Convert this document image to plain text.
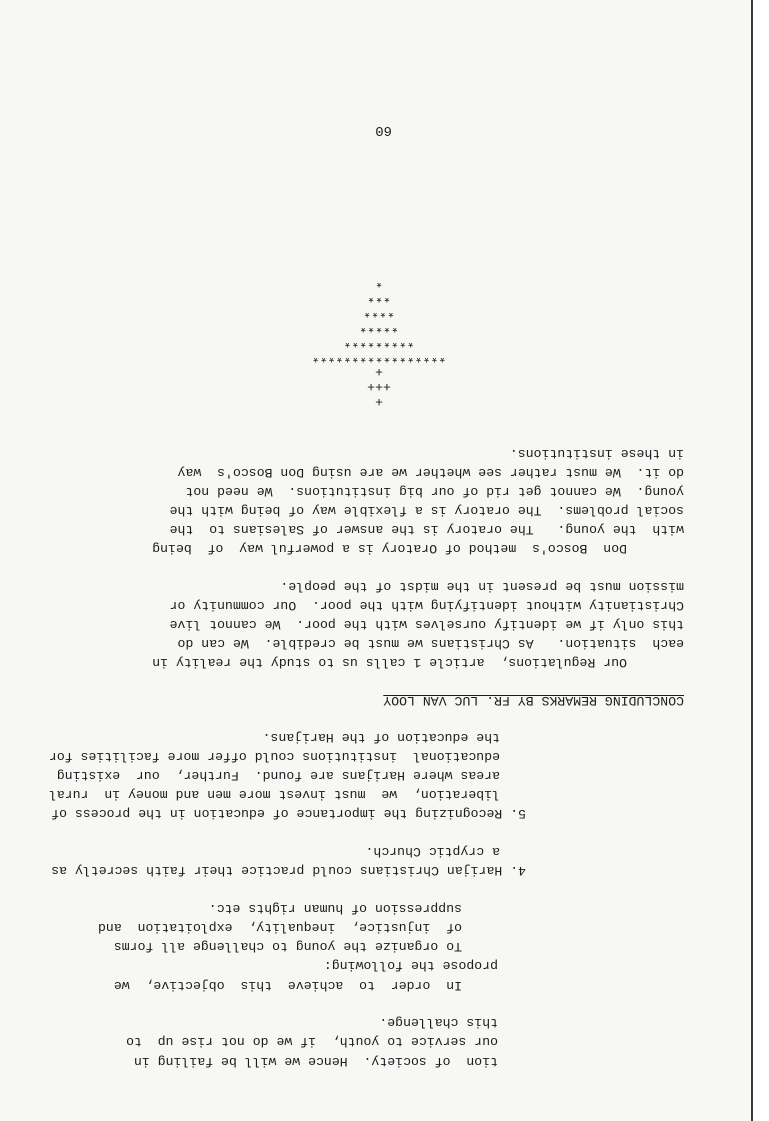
tion  of society.  Hence we will be failing in
our service to youth,  if we do not rise up  to
this challenge.
In  order  to  achieve  this  objective,  we
propose the following:
To organize the young to challenge all forms
of  injustice,  inequality,  exploitation  and
suppression of human rights etc.
4. Harijan Christians could practice their faith secretly as
a cryptic Church.
5. Recognizing the importance of education in the process of
liberation,  we  must invest more men and money in  rural
areas where Harijans are found.  Further,  our  existing
educational  institutions could offer more facilities for
the education of the Harijans.
CONCLUDING REMARKS BY FR. LUC VAN LOOY
Our Regulations,  article 1 calls us to study the reality in
each  situation.   As Christians we must be credible.  We can do
this only if we identify ourselves with the poor.  We cannot live
Christianity without identifying with the poor.  Our community or
mission must be present in the midst of the people.
Don  Bosco's  method of Oratory is a powerful way  of  being
with  the young.   The oratory is the answer of Salesians to  the
social problems.  The oratory is a flexible way of being with the
young.  We cannot get rid of our big institutions.  We need not
do it.  We must rather see whether we are using Don Bosco's  way
in these institutions.
+
+++
+
*****************
*********
*****
****
***
*
60
